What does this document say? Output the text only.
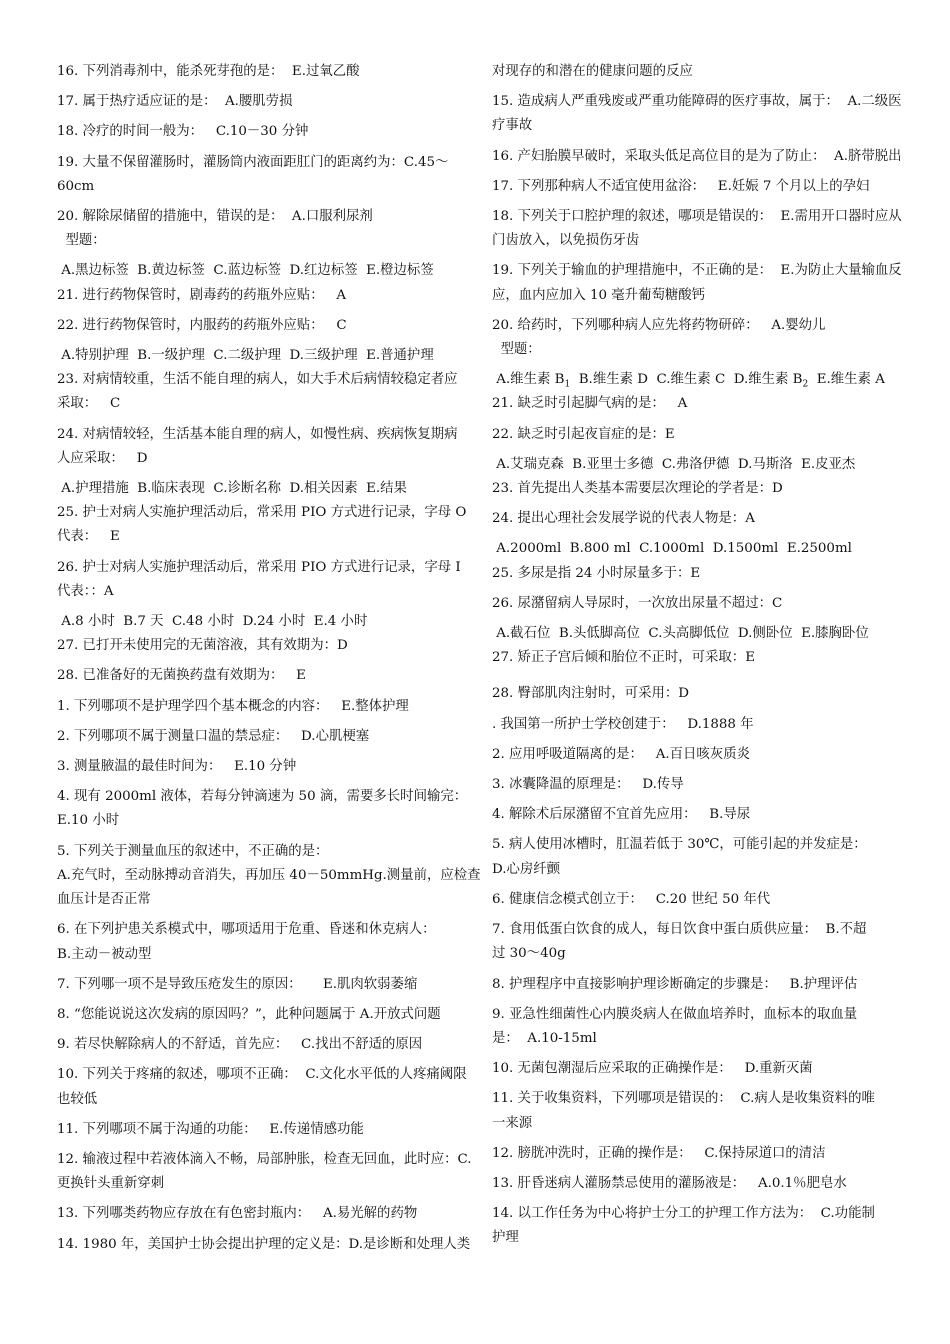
16. 下列消毒剂中，能杀死芽孢的是：  E.过氧乙酸
17. 属于热疗适应证的是：  A.腰肌劳损
18. 冷疗的时间一般为：   C.10－30 分钟
19. 大量不保留灌肠时，灌肠筒内液面距肛门的距离约为：C.45～
60cm
20. 解除尿储留的措施中，错误的是：  A.口服利尿剂
型题：
A.黑边标签  B.黄边标签  C.蓝边标签  D.红边标签  E.橙边标签
21. 进行药物保管时，剧毒药的药瓶外应贴：   A
22. 进行药物保管时，内服药的药瓶外应贴：   C
A.特别护理  B.一级护理  C.二级护理  D.三级护理  E.普通护理
23. 对病情较重，生活不能自理的病人，如大手术后病情较稳定者应
采取：   C
24. 对病情较轻，生活基本能自理的病人，如慢性病、疾病恢复期病
人应采取：   D
A.护理措施  B.临床表现  C.诊断名称  D.相关因素  E.结果
25. 护士对病人实施护理活动后，常采用 PIO 方式进行记录，字母 O
代表：   E
26. 护士对病人实施护理活动后，常采用 PIO 方式进行记录，字母 I
代表：：A
A.8 小时  B.7 天  C.48 小时  D.24 小时  E.4 小时
27. 已打开未使用完的无菌溶液，其有效期为：D
28. 已准备好的无菌换药盘有效期为：   E
1. 下列哪项不是护理学四个基本概念的内容：   E.整体护理
2. 下列哪项不属于测量口温的禁忌症：   D.心肌梗塞
3. 测量腋温的最佳时间为：   E.10 分钟
4. 现有 2000ml 液体，若每分钟滴速为 50 滴，需要多长时间输完：
E.10 小时
5. 下列关于测量血压的叙述中，不正确的是：
A.充气时，至动脉搏动音消失，再加压 40－50mmHg.测量前，应检查
血压计是否正常
6. 在下列护患关系模式中，哪项适用于危重、昏迷和休克病人：
B.主动－被动型
7. 下列哪一项不是导致压疮发生的原因：     E.肌肉软弱萎缩
8. “您能说说这次发病的原因吗？”，此种问题属于 A.开放式问题
9. 若尽快解除病人的不舒适，首先应：   C.找出不舒适的原因
10. 下列关于疼痛的叙述，哪项不正确：  C.文化水平低的人疼痛阈限
也较低
11. 下列哪项不属于沟通的功能：   E.传递情感功能
12. 输液过程中若液体滴入不畅，局部肿胀，检查无回血，此时应：C.
更换针头重新穿刺
13. 下列哪类药物应存放在有色密封瓶内：   A.易光解的药物
14. 1980 年，美国护士协会提出护理的定义是：D.是诊断和处理人类
对现存的和潜在的健康问题的反应
15. 造成病人严重残废或严重功能障碍的医疗事故，属于：  A.二级医
疗事故
16. 产妇胎膜早破时，采取头低足高位目的是为了防止：  A.脐带脱出
17. 下列那种病人不适宜使用盆浴：   E.妊娠 7 个月以上的孕妇
18. 下列关于口腔护理的叙述，哪项是错误的：  E.需用开口器时应从
门齿放入，以免损伤牙齿
19. 下列关于输血的护理措施中，不正确的是：  E.为防止大量输血反
应，血内应加入 10 毫升葡萄糖酸钙
20. 给药时，下列哪种病人应先将药物研碎：   A.婴幼儿
型题：
A.维生素 $B_1$  B.维生素 D  C.维生素 C  D.维生素 $B_2$  E.维生素 A
21. 缺乏时引起脚气病的是：   A
22. 缺乏时引起夜盲症的是：E
A.艾瑞克森  B.亚里士多德  C.弗洛伊德  D.马斯洛  E.皮亚杰
23. 首先提出人类基本需要层次理论的学者是：D
24. 提出心理社会发展学说的代表人物是：A
A.2000ml  B.800 ml  C.1000ml  D.1500ml  E.2500ml
25. 多尿是指 24 小时尿量多于：E
26. 尿潴留病人导尿时，一次放出尿量不超过：C
A.截石位  B.头低脚高位  C.头高脚低位  D.侧卧位  E.膝胸卧位
27. 矫正子宫后倾和胎位不正时，可采取：E
28. 臀部肌肉注射时，可采用：D
. 我国第一所护士学校创建于：   D.1888 年
2. 应用呼吸道隔离的是：   A.百日咳灰质炎
3. 冰囊降温的原理是：   D.传导
4. 解除术后尿潴留不宜首先应用：   B.导尿
5. 病人使用冰槽时，肛温若低于 30℃，可能引起的并发症是：
D.心房纤颤
6. 健康信念模式创立于：   C.20 世纪 50 年代
7. 食用低蛋白饮食的成人，每日饮食中蛋白质供应量：  B.不超
过 30～40g
8. 护理程序中直接影响护理诊断确定的步骤是：   B.护理评估
9. 亚急性细菌性心内膜炎病人在做血培养时，血标本的取血量
是：  A.10-15ml
10. 无菌包潮湿后应采取的正确操作是：   D.重新灭菌
11. 关于收集资料，下列哪项是错误的：  C.病人是收集资料的唯
一来源
12. 膀胱冲洗时，正确的操作是：   C.保持尿道口的清洁
13. 肝昏迷病人灌肠禁忌使用的灌肠液是：   A.0.1％肥皂水
14. 以工作任务为中心将护士分工的护理工作方法为：  C.功能制
护理
